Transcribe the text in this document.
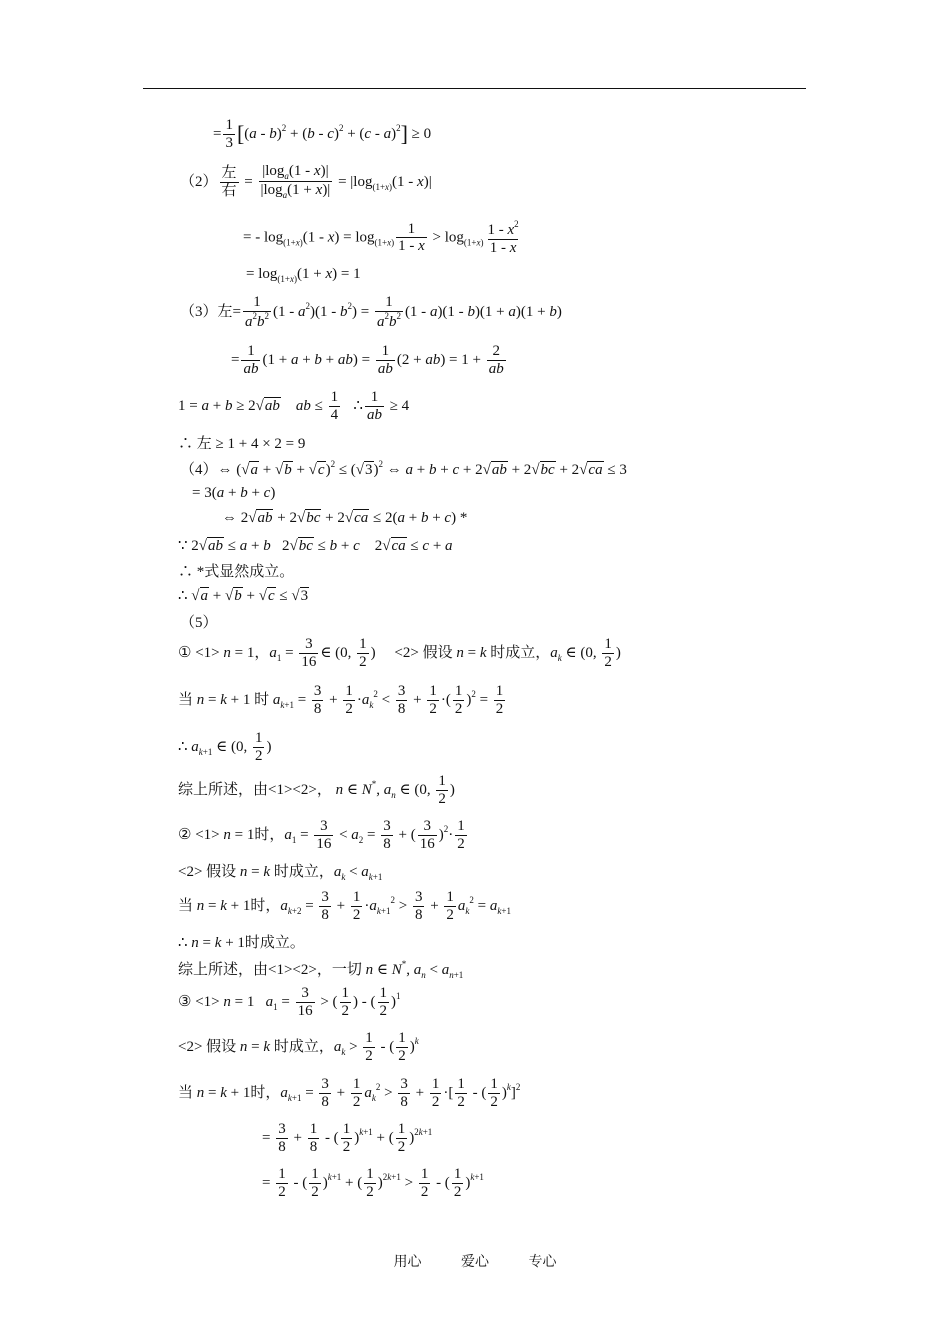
= $\frac{1}{3} [(a - b)^2 + (b - c)^2 + (c - a)^2] \ge 0$
$(2) \frac{\text{左}}{\text{右}} = \frac{|\log_a(1 - x)|}{|\log_a(1 + x)|} = |\log_{(1+x)}(1 - x)|$
= - $\log_{(1+x)}(1 - x) = \log_{(1+x)} \frac{1}{1 - x} > \log_{(1+x)} \frac{1 - x^2}{1 - x}$
= $\log_{(1+x)}(1 + x) = 1$
（3）左= $\frac{1}{a^2b^2} (1 - a^2)(1 - b^2) = \frac{1}{a^2b^2} (1 - a)(1 - b)(1 + a)(1 + b)$
= $\frac{1}{ab} (1 + a + b + ab) = \frac{1}{ab} (2 + ab) = 1 + \frac{2}{ab}$
1 = a + b ≥ 2√ab ab ≤ $\frac{1}{4}$ ∴ $\frac{1}{ab} \ge 4$
∴ 左 ≥ 1 + 4 × 2 = 9
（4）⇔ $(√a + √b + √c)^2 \le (√3)^2$ ⇔ a + b + c + 2√ab + 2√bc + 2√ca ≤ 3
= 3(a + b + c)
⇔ 2√ab + 2√bc + 2√ca ≤ 2(a + b + c) *
∵ 2√ab ≤ a + b   2√bc ≤ b + c    2√ca ≤ c + a
∴ *式显然成立。
∴ √a + √b + √c ≤ √3
（5）
① <1> n = 1，$a_1 = \frac{3}{16}$ ∈ (0, $\frac{1}{2}$ )     <2> 假设 n = k 时成立，$a_k$ ∈ (0, $\frac{1}{2}$ )
当 n = k + 1 时 $a_{k+1} = \frac{3}{8} + \frac{1}{2} \cdot a_k^2 < \frac{3}{8} + \frac{1}{2}$ ·( $\frac{1}{2} )^2 = \frac{1}{2}$
∴ $a_{k+1}$ ∈ (0, $\frac{1}{2}$ )
综上所述，由<1><2>， n ∈ N*, $a_n$ ∈ (0, $\frac{1}{2}$ )
② <1> n = 1时，$a_1 = \frac{3}{16} < a_2 = \frac{3}{8}$ + ( $\frac{3}{16} )^2\cdot \frac{1}{2}$
<2> 假设 n = k 时成立，$a_k < a_{k+1}$
当 n = k + 1时，$a_{k+2} = \frac{3}{8} + \frac{1}{2} \cdot a_{k+1}^2 > \frac{3}{8} + \frac{1}{2} a_k^2 = a_{k+1}$
∴ n = k + 1时成立。
综上所述，由<1><2>，一切 n ∈ N*, $a_n < a_{n+1}$
③ <1> n = 1   $a_1 = \frac{3}{16}$ > ( $\frac{1}{2}$ ) - ( $\frac{1}{2} )^1$
<2> 假设 n = k 时成立，$a_k > \frac{1}{2}$ - ( $\frac{1}{2} )^k$
当 n = k + 1时，$a_{k+1} = \frac{3}{8} + \frac{1}{2} a_k^2 > \frac{3}{8} + \frac{1}{2}$ ·[ $\frac{1}{2}$ - ( $\frac{1}{2} )^k]^2$
= $\frac{3}{8} + \frac{1}{8}$ - ( $\frac{1}{2} )^{k+1}$ + ( $\frac{1}{2} )^{2k+1}$
= $\frac{1}{2}$ - ( $\frac{1}{2} )^{k+1}$ + ( $\frac{1}{2} )^{2k+1} > \frac{1}{2}$ - ( $\frac{1}{2} )^{k+1}$
用心	爱心	专心
